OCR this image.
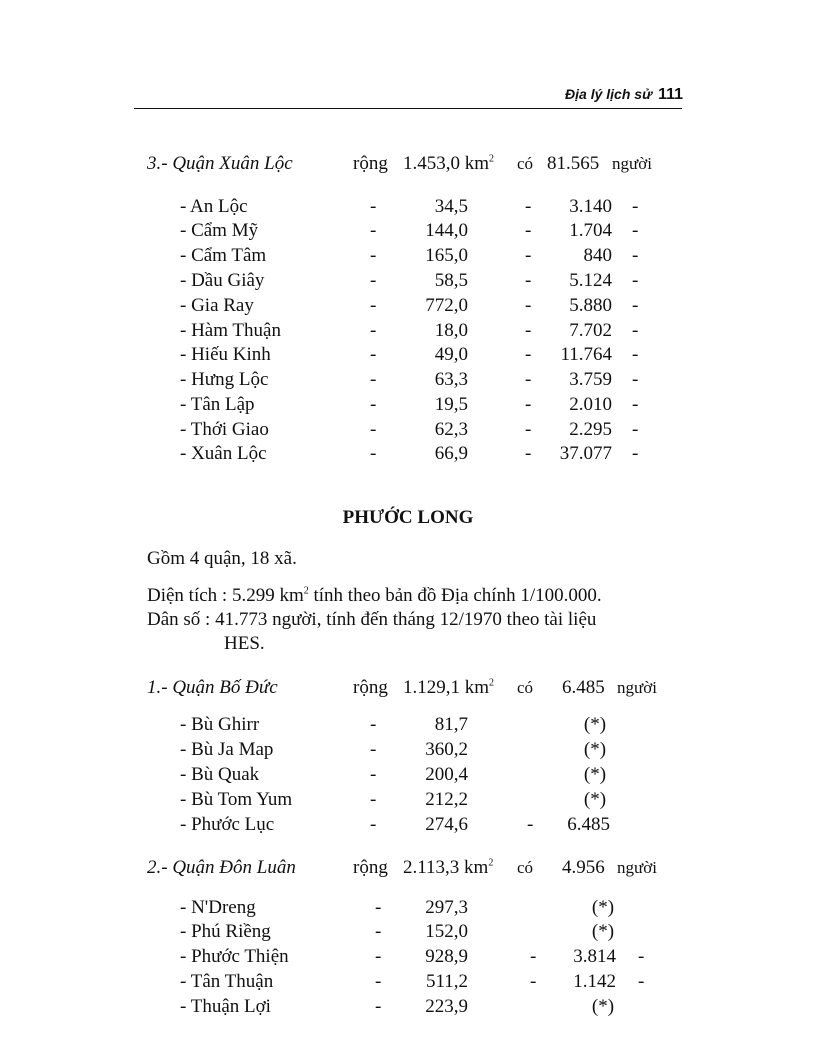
Địa lý lịch sử 111
3.- Quận Xuân Lộc	rộng 1.453,0 $km^2$ có 81.565 người
- An Lộc	-	34,5	-	3.140 -
- Cẩm Mỹ	-	144,0	-	1.704 -
- Cẩm Tâm	-	165,0	-	840 -
- Dầu Giây	-	58,5	-	5.124 -
- Gia Ray	-	772,0	-	5.880 -
- Hàm Thuận	-	18,0	-	7.702 -
- Hiếu Kinh	-	49,0	-	11.764 -
- Hưng Lộc	-	63,3	-	3.759 -
- Tân Lập	-	19,5	-	2.010 -
- Thới Giao	-	62,3	-	2.295 -
- Xuân Lộc	-	66,9	-	37.077 -
PHƯỚC LONG
Gồm 4 quận, 18 xã.
Diện tích : 5.299 $km^2$ tính theo bản đồ Địa chính 1/100.000.
Dân số : 41.773 người, tính đến tháng 12/1970 theo tài liệu
HES.
1.- Quận Bố Đức	rộng 1.129,1 $km^2$ có 6.485 người
- Bù Ghirr	-	81,7	(*)
- Bù Ja Map	-	360,2	(*)
- Bù Quak	-	200,4	(*)
- Bù Tom Yum	-	212,2	(*)
- Phước Lục	-	274,6	-	6.485
2.- Quận Đôn Luân	rộng 2.113,3 $km^2$ có 4.956 người
- N'Dreng	-	297,3	(*)
- Phú Riềng	-	152,0	(*)
- Phước Thiện	-	928,9	-	3.814 -
- Tân Thuận	-	511,2	-	1.142 -
- Thuận Lợi	-	223,9	(*)
